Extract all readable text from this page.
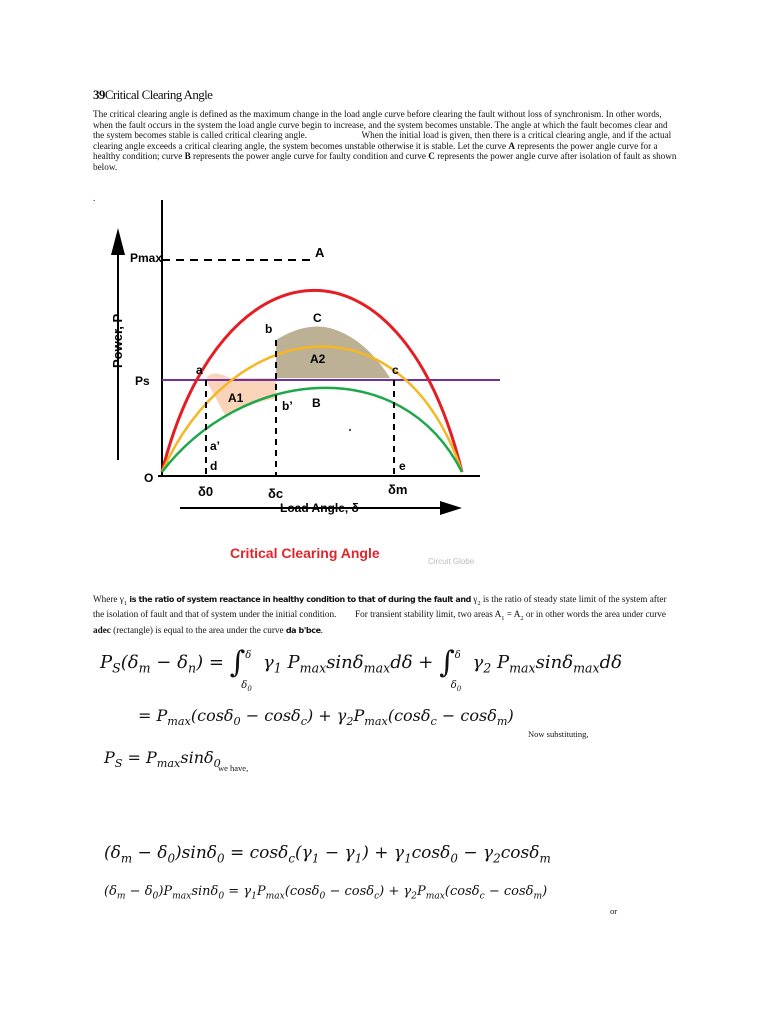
39Critical Clearing Angle
The critical clearing angle is defined as the maximum change in the load angle curve before clearing the fault without loss of synchronism. In other words, when the fault occurs in the system the load angle curve begin to increase, and the system becomes unstable. The angle at which the fault becomes clear and the system becomes stable is called critical clearing angle.	When the initial load is given, then there is a critical clearing angle, and if the actual clearing angle exceeds a critical clearing angle, the system becomes unstable otherwise it is stable. Let the curve A represents the power angle curve for a healthy condition; curve B represents the power angle curve for faulty condition and curve C represents the power angle curve after isolation of fault as shown below.
.
Power, P
Load Angle, δ
Pmax
Ps
O
δ0	δc	δm
A
C
b
A2
a	c
A1
b’ B
a’
d	e
Critical Clearing Angle
Circuit Globe
Where $\gamma_1$ is the ratio of system reactance in healthy condition to that of during the fault and $\gamma_2$ is the ratio of steady state limit of the system after the isolation of fault and that of system under the initial condition. For transient stability limit, two areas $A_1 = A_2$ or in other words the area under curve adec (rectangle) is equal to the area under the curve da b'bce.
$P_S(\delta_m - \delta_n)$ = ∫ δ
$\delta_0$
$\gamma_1$ $P_{max}\sin\delta_{max}d\delta$ + ∫ δ
$\delta_0$
$\gamma_2$ $P_{max}\sin\delta_{max}d\delta$
= $P_{max}(\cos\delta_0 - \cos\delta_c) + \gamma_2P_{max}(\cos\delta_c - \cos\delta_m)$
Now substituting,
$P_S = P_{max}\sin\delta_0$
we have,
$(\delta_m - \delta_0)\sin\delta_0 = \cos\delta_c(\gamma_1 - \gamma_1) + \gamma_1\cos\delta_0 - \gamma_2\cos\delta_m$
$(\delta_m - \delta_0)P_{max}\sin\delta_0 = \gamma_1P_{max}(\cos\delta_0 - \cos\delta_c) + \gamma_2P_{max}(\cos\delta_c - \cos\delta_m)$
or
